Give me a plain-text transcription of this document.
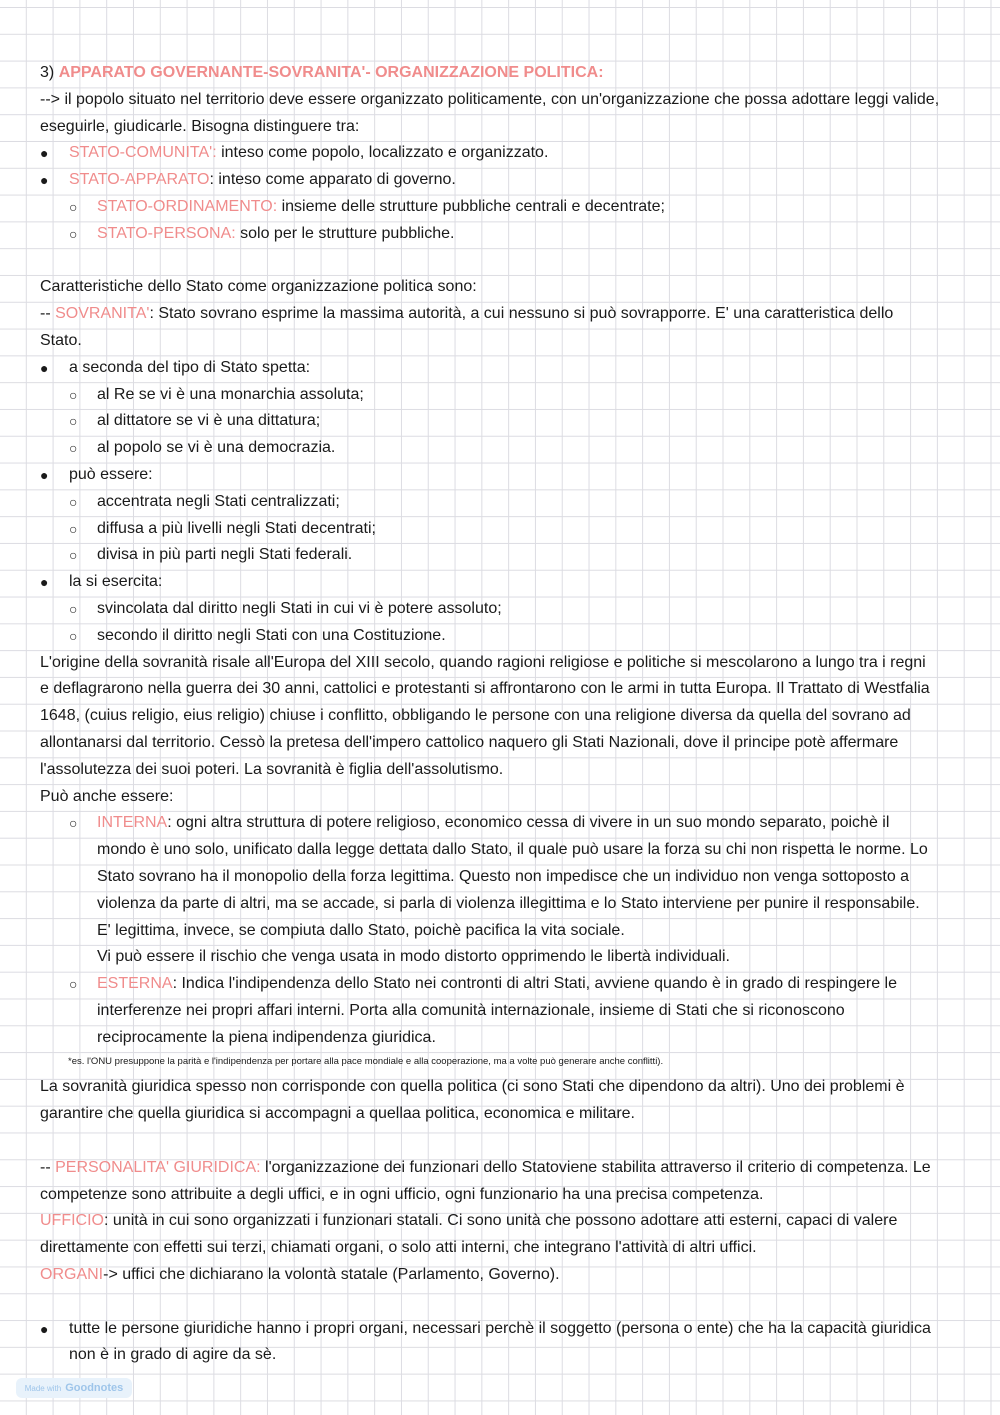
3) APPARATO GOVERNANTE-SOVRANITA'- ORGANIZZAZIONE POLITICA:
--> il popolo situato nel territorio deve essere organizzato politicamente, con un'organizzazione che possa adottare leggi valide, eseguirle, giudicarle. Bisogna distinguere tra:
● STATO-COMUNITA': inteso come popolo, localizzato e organizzato.
● STATO-APPARATO: inteso come apparato di governo.
○ STATO-ORDINAMENTO: insieme delle strutture pubbliche centrali e decentrate;
○ STATO-PERSONA: solo per le strutture pubbliche.
Caratteristiche dello Stato come organizzazione politica sono:
-- SOVRANITA': Stato sovrano esprime la massima autorità, a cui nessuno si può sovrapporre. E' una caratteristica dello
Stato.
● a seconda del tipo di Stato spetta:
○ al Re se vi è una monarchia assoluta;
○ al dittatore se vi è una dittatura;
○ al popolo se vi è una democrazia.
● può essere:
○ accentrata negli Stati centralizzati;
○ diffusa a più livelli negli Stati decentrati;
○ divisa in più parti negli Stati federali.
● la si esercita:
○ svincolata dal diritto negli Stati in cui vi è potere assoluto;
○ secondo il diritto negli Stati con una Costituzione.
L'origine della sovranità risale all'Europa del XIII secolo, quando ragioni religiose e politiche si mescolarono a lungo tra i regni
e deflagrarono nella guerra dei 30 anni, cattolici e protestanti si affrontarono con le armi in tutta Europa. Il Trattato di Westfalia
1648, (cuius religio, eius religio) chiuse i conflitto, obbligando le persone con una religione diversa da quella del sovrano ad
allontanarsi dal territorio. Cessò la pretesa dell'impero cattolico naquero gli Stati Nazionali, dove il principe potè affermare
l'assolutezza dei suoi poteri. La sovranità è figlia dell'assolutismo.
Può anche essere:
○ INTERNA: ogni altra struttura di potere religioso, economico cessa di vivere in un suo mondo separato, poichè il
mondo è uno solo, unificato dalla legge dettata dallo Stato, il quale può usare la forza su chi non rispetta le norme. Lo
Stato sovrano ha il monopolio della forza legittima. Questo non impedisce che un individuo non venga sottoposto a
violenza da parte di altri, ma se accade, si parla di violenza illegittima e lo Stato interviene per punire il responsabile.
E' legittima, invece, se compiuta dallo Stato, poichè pacifica la vita sociale.
Vi può essere il rischio che venga usata in modo distorto opprimendo le libertà individuali.
○ ESTERNA: Indica l'indipendenza dello Stato nei contronti di altri Stati, avviene quando è in grado di respingere le
interferenze nei propri affari interni. Porta alla comunità internazionale, insieme di Stati che si riconoscono
reciprocamente la piena indipendenza giuridica.
*es. l'ONU presuppone la parità e l'indipendenza per portare alla pace mondiale e alla cooperazione, ma a volte può generare anche conflitti).
La sovranità giuridica spesso non corrisponde con quella politica (ci sono Stati che dipendono da altri). Uno dei problemi è
garantire che quella giuridica si accompagni a quellaa politica, economica e militare.
-- PERSONALITA' GIURIDICA: l'organizzazione dei funzionari dello Statoviene stabilita attraverso il criterio di competenza. Le
competenze sono attribuite a degli uffici, e in ogni ufficio, ogni funzionario ha una precisa competenza.
UFFICIO: unità in cui sono organizzati i funzionari statali. Ci sono unità che possono adottare atti esterni, capaci di valere
direttamente con effetti sui terzi, chiamati organi, o solo atti interni, che integrano l'attività di altri uffici.
ORGANI-> uffici che dichiarano la volontà statale (Parlamento, Governo).
● tutte le persone giuridiche hanno i propri organi, necessari perchè il soggetto (persona o ente) che ha la capacità giuridica
non è in grado di agire da sè.
Made with Goodnotes
